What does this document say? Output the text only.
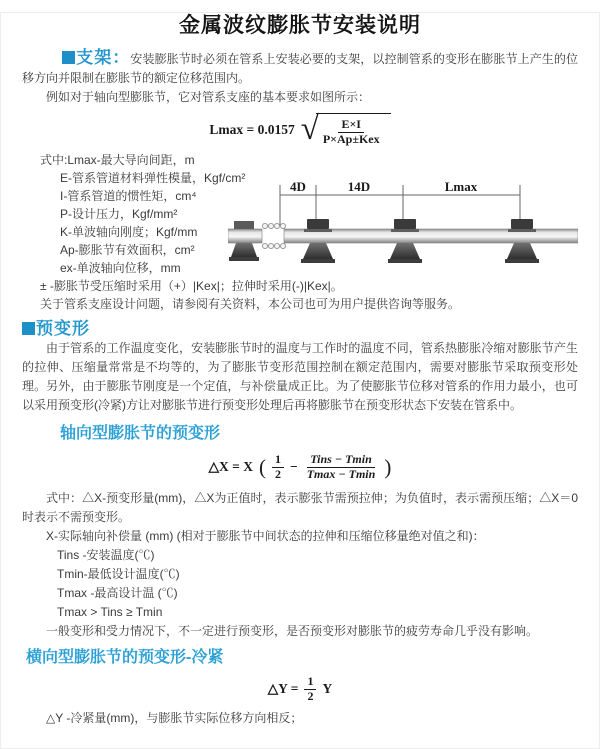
金属波纹膨胀节安装说明

支架：安装膨胀节时必须在管系上安装必要的支架，以控制管系的变形在膨胀节上产生的位移方向并限制在膨胀节的额定位移范围内。

例如对于轴向型膨胀节，它对管系支座的基本要求如图所示：

Lmax = 0.0157 √ $\frac{E\times I}{\text{P×Ap±Kex}}$
式中:Lmax-最大导向间距，m
E-管系管道材料弹性模量，Kgf/cm²
I-管系管道的惯性矩，cm⁴
P-设计压力，Kgf/mm²
K-单波轴向刚度；Kgf/mm
Ap-膨胀节有效面积，cm²
ex-单波轴向位移，mm
4D	14D	Lmax
± -膨胀节受压缩时采用（+）|Kex|；拉伸时采用(-)|Kex|。
关于管系支座设计问题，请参阅有关资料，本公司也可为用户提供咨询等服务。
预变形

由于管系的工作温度变化，安装膨胀节时的温度与工作时的温度不同，管系热膨胀冷缩对膨胀节产生的拉伸、压缩量常常是不均等的，为了膨胀节变形范围控制在额定范围内，需要对膨胀节采取预变形处理。另外，由于膨胀节刚度是一个定值，与补偿量成正比。为了使膨胀节位移对管系的作用力最小，也可以采用预变形(冷紧)方让对膨胀节进行预变形处理后再将膨胀节在预变形状态下安装在管系中。

轴向型膨胀节的预变形
△X = X ( $\frac{1}{2} - \frac{\text{Tins − Tmin}}{Tmax - Tmin}$ )

式中：△X-预变形量(mm)，△X为正值时，表示膨张节需预拉伸；为负值时，表示需预压缩；△X＝0时表示不需预变形。

X-实际轴向补偿量 (mm) (相对于膨胀节中间状态的拉伸和压缩位移量绝对值之和)：
Tins -安装温度(℃)
Tmin-最低设计温度(℃)
Tmax -最高设计温 (℃)
Tmax > Tins ≥ Tmin

一般变形和受力情况下，不一定进行预变形，是否预变形对膨胀节的疲劳寿命几乎没有影响。

横向型膨胀节的预变形-冷紧
△Y = $\frac{1}{2}$ Y
△Y -冷紧量(mm)，与膨胀节实际位移方向相反；
